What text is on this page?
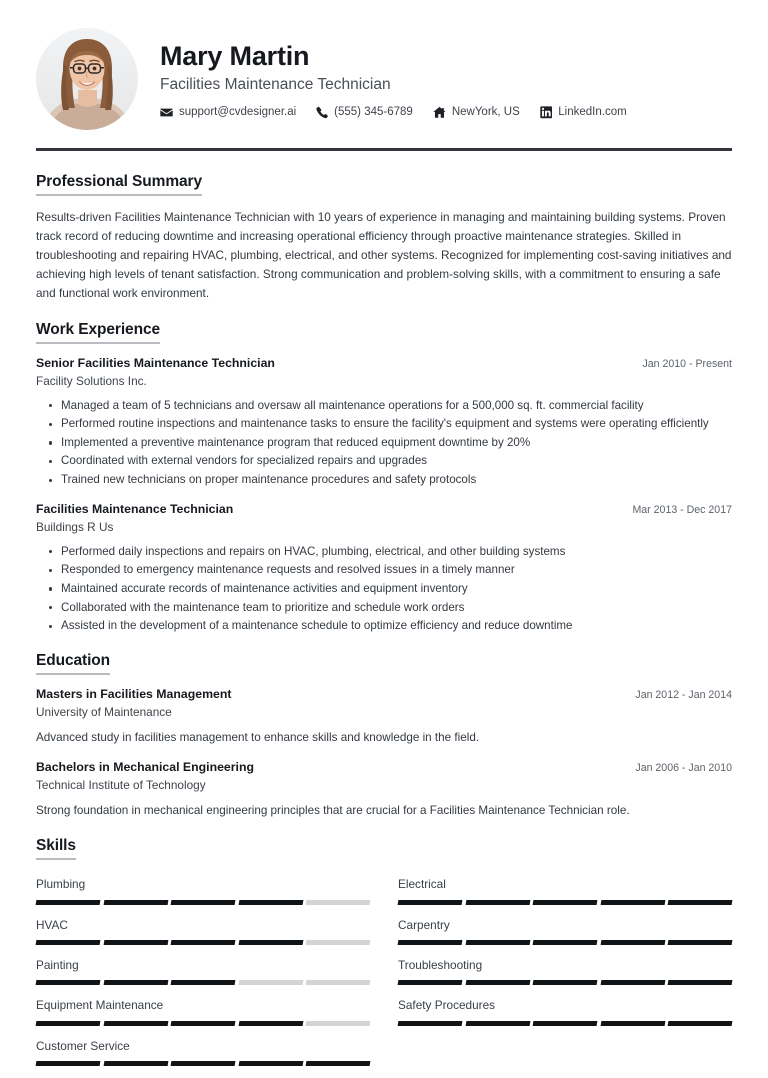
Mary Martin
Facilities Maintenance Technician
support@cvdesigner.ai	(555) 345-6789	NewYork, US	LinkedIn.com
Professional Summary
Results-driven Facilities Maintenance Technician with 10 years of experience in managing and maintaining building systems. Proven track record of reducing downtime and increasing operational efficiency through proactive maintenance strategies. Skilled in troubleshooting and repairing HVAC, plumbing, electrical, and other systems. Recognized for implementing cost-saving initiatives and achieving high levels of tenant satisfaction. Strong communication and problem-solving skills, with a commitment to ensuring a safe and functional work environment.
Work Experience
Senior Facilities Maintenance Technician	Jan 2010 - Present
Facility Solutions Inc.
Managed a team of 5 technicians and oversaw all maintenance operations for a 500,000 sq. ft. commercial facility
Performed routine inspections and maintenance tasks to ensure the facility's equipment and systems were operating efficiently
Implemented a preventive maintenance program that reduced equipment downtime by 20%
Coordinated with external vendors for specialized repairs and upgrades
Trained new technicians on proper maintenance procedures and safety protocols
Facilities Maintenance Technician	Mar 2013 - Dec 2017
Buildings R Us
Performed daily inspections and repairs on HVAC, plumbing, electrical, and other building systems
Responded to emergency maintenance requests and resolved issues in a timely manner
Maintained accurate records of maintenance activities and equipment inventory
Collaborated with the maintenance team to prioritize and schedule work orders
Assisted in the development of a maintenance schedule to optimize efficiency and reduce downtime
Education
Masters in Facilities Management	Jan 2012 - Jan 2014
University of Maintenance
Advanced study in facilities management to enhance skills and knowledge in the field.
Bachelors in Mechanical Engineering	Jan 2006 - Jan 2010
Technical Institute of Technology
Strong foundation in mechanical engineering principles that are crucial for a Facilities Maintenance Technician role.
Skills
Plumbing	Electrical
HVAC	Carpentry
Painting	Troubleshooting
Equipment Maintenance	Safety Procedures
Customer Service
